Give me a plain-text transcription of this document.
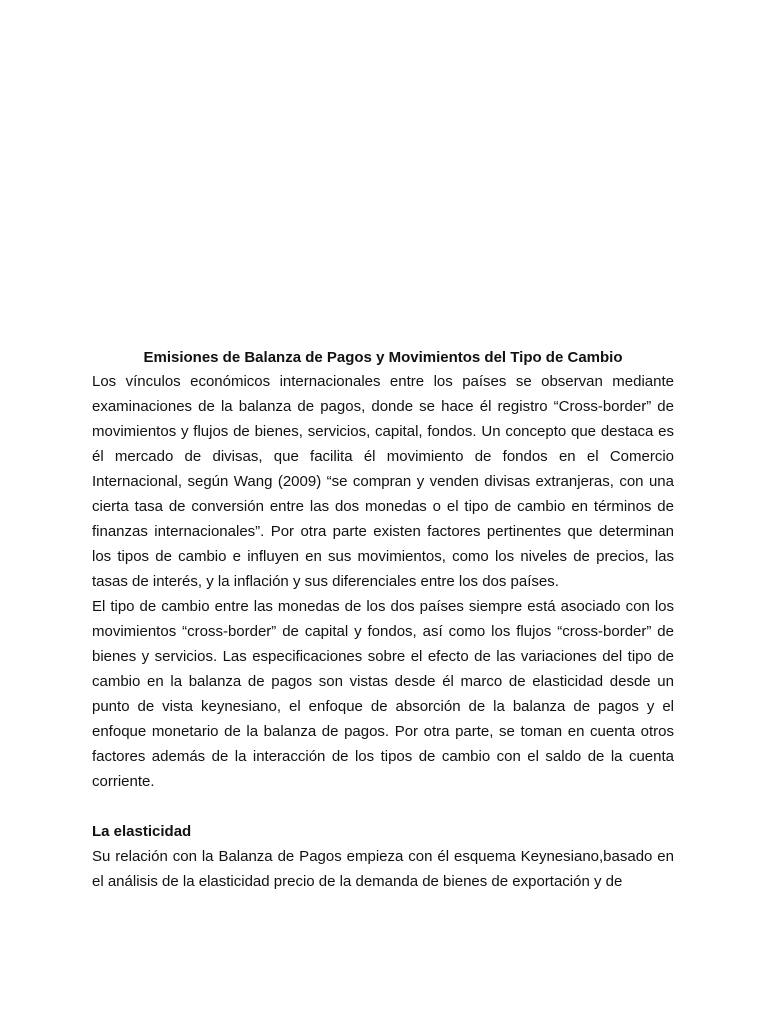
Emisiones de Balanza de Pagos y Movimientos del Tipo de Cambio

Los vínculos económicos internacionales entre los países se observan mediante examinaciones de la balanza de pagos, donde se hace él registro “Cross-border” de movimientos y flujos de bienes, servicios, capital, fondos. Un concepto que destaca es él mercado de divisas, que facilita él movimiento de fondos en el Comercio Internacional, según Wang (2009) “se compran y venden divisas extranjeras, con una cierta tasa de conversión entre las dos monedas o el tipo de cambio en términos de finanzas internacionales”. Por otra parte existen factores pertinentes que determinan los tipos de cambio e influyen en sus movimientos, como los niveles de precios, las tasas de interés, y la inflación y sus diferenciales entre los dos países.

El tipo de cambio entre las monedas de los dos países siempre está asociado con los movimientos “cross-border” de capital y fondos, así como los flujos “cross-border” de bienes y servicios. Las especificaciones sobre el efecto de las variaciones del tipo de cambio en la balanza de pagos son vistas desde él marco de elasticidad desde un punto de vista keynesiano, el enfoque de absorción de la balanza de pagos y el enfoque monetario de la balanza de pagos. Por otra parte, se toman en cuenta otros factores además de la interacción de los tipos de cambio con el saldo de la cuenta corriente.

La elasticidad

Su relación con la Balanza de Pagos empieza con él esquema Keynesiano,basado en el análisis de la elasticidad precio de la demanda de bienes de exportación y de
